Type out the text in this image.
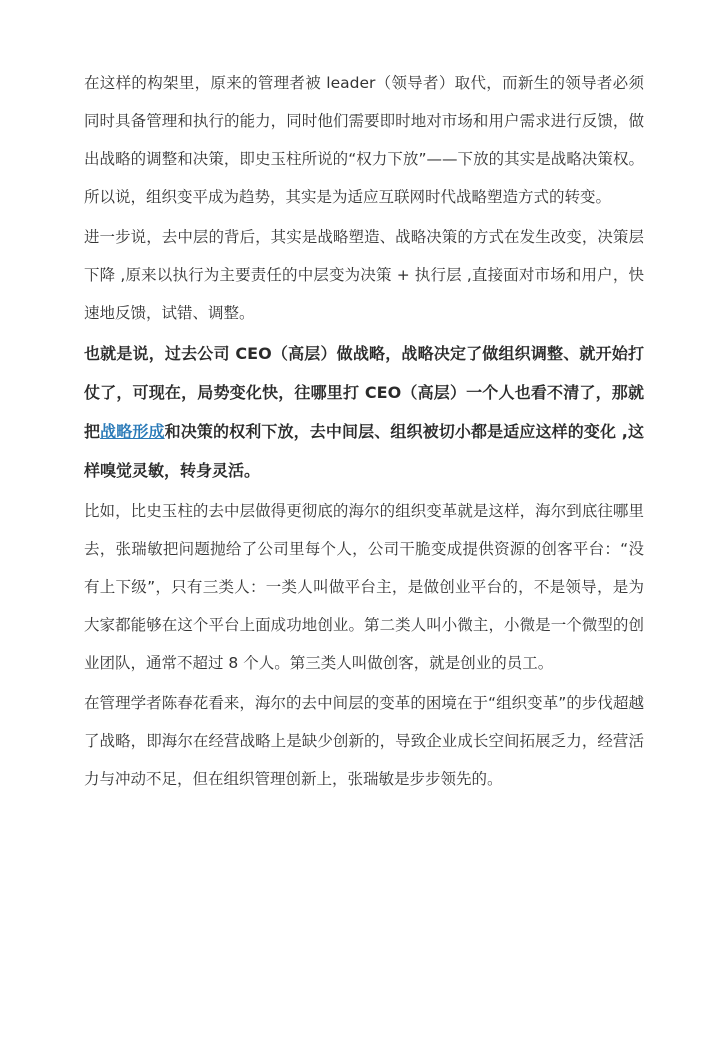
在这样的构架里，原来的管理者被 leader（领导者）取代，而新生的领导者必须同时具备管理和执行的能力，同时他们需要即时地对市场和用户需求进行反馈，做出战略的调整和决策，即史玉柱所说的“权力下放”——下放的其实是战略决策权。所以说，组织变平成为趋势，其实是为适应互联网时代战略塑造方式的转变。

进一步说，去中层的背后，其实是战略塑造、战略决策的方式在发生改变，决策层下降 ,原来以执行为主要责任的中层变为决策 + 执行层 ,直接面对市场和用户，快速地反馈，试错、调整。

也就是说，过去公司 CEO（高层）做战略，战略决定了做组织调整、就开始打仗了，可现在，局势变化快，往哪里打 CEO（高层）一个人也看不清了，那就把战略形成和决策的权利下放，去中间层、组织被切小都是适应这样的变化 ,这样嗅觉灵敏，转身灵活。

比如，比史玉柱的去中层做得更彻底的海尔的组织变革就是这样，海尔到底往哪里去，张瑞敏把问题抛给了公司里每个人，公司干脆变成提供资源的创客平台：“没有上下级”，只有三类人：一类人叫做平台主，是做创业平台的，不是领导，是为大家都能够在这个平台上面成功地创业。第二类人叫小微主，小微是一个微型的创业团队，通常不超过 8 个人。第三类人叫做创客，就是创业的员工。

在管理学者陈春花看来，海尔的去中间层的变革的困境在于“组织变革”的步伐超越了战略，即海尔在经营战略上是缺少创新的，导致企业成长空间拓展乏力，经营活力与冲动不足，但在组织管理创新上，张瑞敏是步步领先的。
